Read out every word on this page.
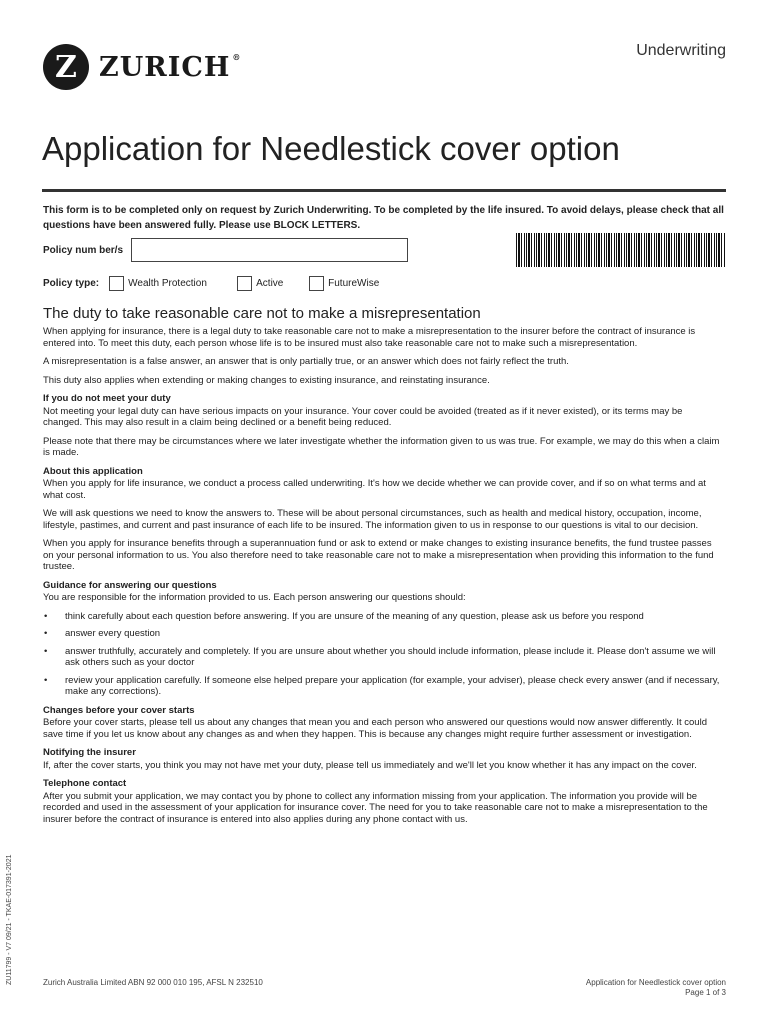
Z ZURICH ®	Underwriting
Application for Needlestick cover option
This form is to be completed only on request by Zurich Underwriting. To be completed by the life insured. To avoid delays, please check that all questions have been answered fully. Please use BLOCK LETTERS.
Policy num ber/s
Policy type:	Wealth Protection	Active	FutureWise
The duty to take reasonable care not to make a misrepresentation

When applying for insurance, there is a legal duty to take reasonable care not to make a misrepresentation to the insurer before the contract of insurance is entered into. To meet this duty, each person whose life is to be insured must also take reasonable care not to make such a misrepresentation.

A misrepresentation is a false answer, an answer that is only partially true, or an answer which does not fairly reflect the truth.

This duty also applies when extending or making changes to existing insurance, and reinstating insurance.

If you do not meet your duty

Not meeting your legal duty can have serious impacts on your insurance. Your cover could be avoided (treated as if it never existed), or its terms may be changed. This may also result in a claim being declined or a benefit being reduced.

Please note that there may be circumstances where we later investigate whether the information given to us was true. For example, we may do this when a claim is made.

About this application

When you apply for life insurance, we conduct a process called underwriting. It's how we decide whether we can provide cover, and if so on what terms and at what cost.

We will ask questions we need to know the answers to. These will be about personal circumstances, such as health and medical history, occupation, income, lifestyle, pastimes, and current and past insurance of each life to be insured. The information given to us in response to our questions is vital to our decision.

When you apply for insurance benefits through a superannuation fund or ask to extend or make changes to existing insurance benefits, the fund trustee passes on your personal information to us. You also therefore need to take reasonable care not to make a misrepresentation when providing this information to the fund trustee.

Guidance for answering our questions

You are responsible for the information provided to us. Each person answering our questions should:

• think carefully about each question before answering. If you are unsure of the meaning of any question, please ask us before you respond
• answer every question
• answer truthfully, accurately and completely. If you are unsure about whether you should include information, please include it. Please don't assume we will ask others such as your doctor
• review your application carefully. If someone else helped prepare your application (for example, your adviser), please check every answer (and if necessary, make any corrections).

Changes before your cover starts

Before your cover starts, please tell us about any changes that mean you and each person who answered our questions would now answer differently. It could save time if you let us know about any changes as and when they happen. This is because any changes might require further assessment or investigation.

Notifying the insurer

If, after the cover starts, you think you may not have met your duty, please tell us immediately and we'll let you know whether it has any impact on the cover.

Telephone contact

After you submit your application, we may contact you by phone to collect any information missing from your application. The information you provide will be recorded and used in the assessment of your application for insurance cover. The need for you to take reasonable care not to make a misrepresentation to the insurer before the contract of insurance is entered into also applies during any phone contact with us.

ZU11799 - V7 09/21 - TKAE-017391-2021	Zurich Australia Limited ABN 92 000 010 195, AFSL N 232510	Application for Needlestick cover option
Page 1 of 3
